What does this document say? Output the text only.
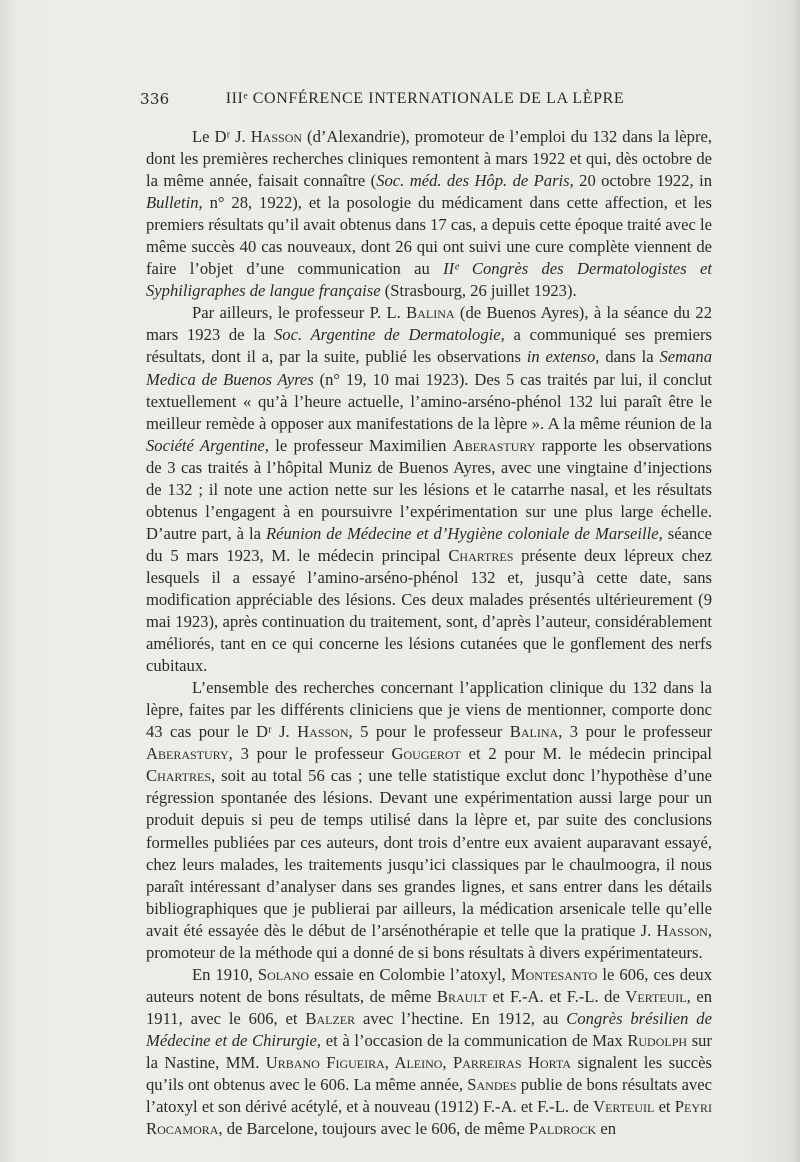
336	IIIᵉ CONFÉRENCE INTERNATIONALE DE LA LÈPRE

Le Dʳ J. Hasson (d’Alexandrie), promoteur de l’emploi du 132 dans la lèpre, dont les premières recherches cliniques remontent à mars 1922 et qui, dès octobre de la même année, faisait connaître (Soc. méd. des Hôp. de Paris, 20 octobre 1922, in Bulletin, n° 28, 1922), et la posologie du médicament dans cette affection, et les premiers résultats qu’il avait obtenus dans 17 cas, a depuis cette époque traité avec le même succès 40 cas nouveaux, dont 26 qui ont suivi une cure complète viennent de faire l’objet d’une communication au IIᵉ Congrès des Dermatologistes et Syphiligraphes de langue française (Strasbourg, 26 juillet 1923).

Par ailleurs, le professeur P. L. Balina (de Buenos Ayres), à la séance du 22 mars 1923 de la Soc. Argentine de Dermatologie, a communiqué ses premiers résultats, dont il a, par la suite, publié les observations in extenso, dans la Semana Medica de Buenos Ayres (n° 19, 10 mai 1923). Des 5 cas traités par lui, il conclut textuellement « qu’à l’heure actuelle, l’amino-arséno-phénol 132 lui paraît être le meilleur remède à opposer aux manifestations de la lèpre ». A la même réunion de la Société Argentine, le professeur Maximilien Aberastury rapporte les observations de 3 cas traités à l’hôpital Muniz de Buenos Ayres, avec une vingtaine d’injections de 132 ; il note une action nette sur les lésions et le catarrhe nasal, et les résultats obtenus l’engagent à en poursuivre l’expérimentation sur une plus large échelle. D’autre part, à la Réunion de Médecine et d’Hygiène coloniale de Marseille, séance du 5 mars 1923, M. le médecin principal Chartres présente deux lépreux chez lesquels il a essayé l’amino-arséno-phénol 132 et, jusqu’à cette date, sans modification appréciable des lésions. Ces deux malades présentés ultérieurement (9 mai 1923), après continuation du traitement, sont, d’après l’auteur, considérablement améliorés, tant en ce qui concerne les lésions cutanées que le gonflement des nerfs cubitaux.

L’ensemble des recherches concernant l’application clinique du 132 dans la lèpre, faites par les différents cliniciens que je viens de mentionner, comporte donc 43 cas pour le Dʳ J. Hasson, 5 pour le professeur Balina, 3 pour le professeur Aberastury, 3 pour le professeur Gougerot et 2 pour M. le médecin principal Chartres, soit au total 56 cas ; une telle statistique exclut donc l’hypothèse d’une régression spontanée des lésions. Devant une expérimentation aussi large pour un produit depuis si peu de temps utilisé dans la lèpre et, par suite des conclusions formelles publiées par ces auteurs, dont trois d’entre eux avaient auparavant essayé, chez leurs malades, les traitements jusqu’ici classiques par le chaulmoogra, il nous paraît intéressant d’analyser dans ses grandes lignes, et sans entrer dans les détails bibliographiques que je publierai par ailleurs, la médication arsenicale telle qu’elle avait été essayée dès le début de l’arsénothérapie et telle que la pratique J. Hasson, promoteur de la méthode qui a donné de si bons résultats à divers expérimentateurs.

En 1910, Solano essaie en Colombie l’atoxyl, Montesanto le 606, ces deux auteurs notent de bons résultats, de même Brault et F.-A. et F.-L. de Verteuil, en 1911, avec le 606, et Balzer avec l’hectine. En 1912, au Congrès brésilien de Médecine et de Chirurgie, et à l’occasion de la communication de Max Rudolph sur la Nastine, MM. Urbano Figueira, Aleino, Parreiras Horta signalent les succès qu’ils ont obtenus avec le 606. La même année, Sandes publie de bons résultats avec l’atoxyl et son dérivé acétylé, et à nouveau (1912) F.-A. et F.-L. de Verteuil et Peyri Rocamora, de Barcelone, toujours avec le 606, de même Paldrock en
